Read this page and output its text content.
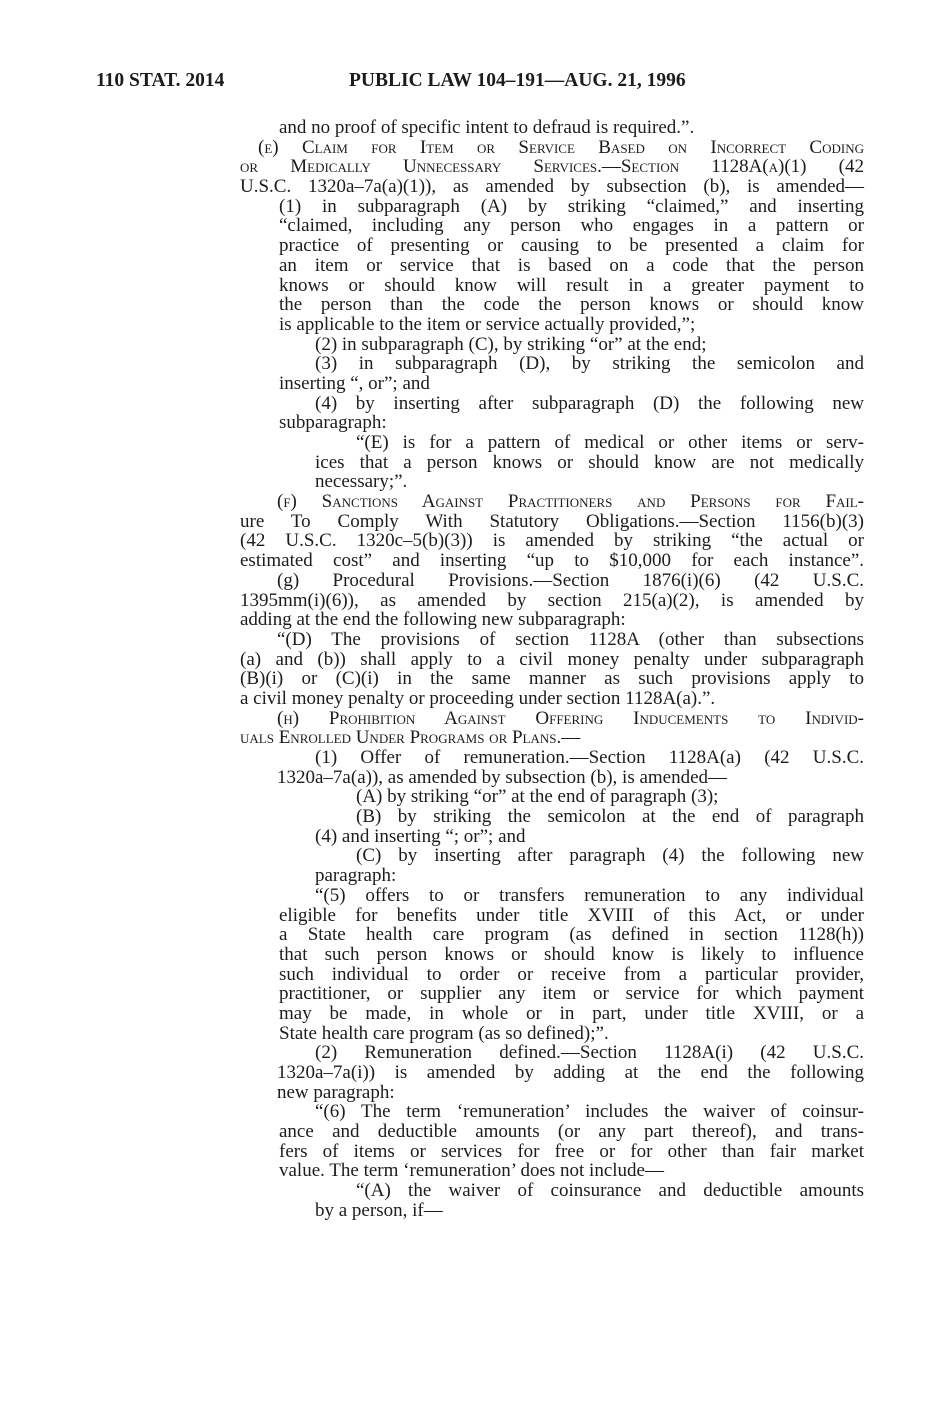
110 STAT. 2014	PUBLIC LAW 104–191—AUG. 21, 1996
and no proof of specific intent to defraud is required.”.
(e) Claim for Item or Service Based on Incorrect Coding
or Medically Unnecessary Services.—Section 1128A(a)(1) (42
U.S.C. 1320a–7a(a)(1)), as amended by subsection (b), is amended—
(1) in subparagraph (A) by striking “claimed,” and inserting
“claimed, including any person who engages in a pattern or
practice of presenting or causing to be presented a claim for
an item or service that is based on a code that the person
knows or should know will result in a greater payment to
the person than the code the person knows or should know
is applicable to the item or service actually provided,”;
(2) in subparagraph (C), by striking “or” at the end;
(3) in subparagraph (D), by striking the semicolon and
inserting “, or”; and
(4) by inserting after subparagraph (D) the following new
subparagraph:
“(E) is for a pattern of medical or other items or serv-
ices that a person knows or should know are not medically
necessary;”.
(f) Sanctions Against Practitioners and Persons for Fail-
ure To Comply With Statutory Obligations.—Section 1156(b)(3)
(42 U.S.C. 1320c–5(b)(3)) is amended by striking “the actual or
estimated cost” and inserting “up to $10,000 for each instance”.
(g) Procedural Provisions.—Section 1876(i)(6) (42 U.S.C.
1395mm(i)(6)), as amended by section 215(a)(2), is amended by
adding at the end the following new subparagraph:
“(D) The provisions of section 1128A (other than subsections
(a) and (b)) shall apply to a civil money penalty under subparagraph
(B)(i) or (C)(i) in the same manner as such provisions apply to
a civil money penalty or proceeding under section 1128A(a).”.
(h) Prohibition Against Offering Inducements to Individ-
uals Enrolled Under Programs or Plans.—
(1) Offer of remuneration.—Section 1128A(a) (42 U.S.C.
1320a–7a(a)), as amended by subsection (b), is amended—
(A) by striking “or” at the end of paragraph (3);
(B) by striking the semicolon at the end of paragraph
(4) and inserting “; or”; and
(C) by inserting after paragraph (4) the following new
paragraph:
“(5) offers to or transfers remuneration to any individual
eligible for benefits under title XVIII of this Act, or under
a State health care program (as defined in section 1128(h))
that such person knows or should know is likely to influence
such individual to order or receive from a particular provider,
practitioner, or supplier any item or service for which payment
may be made, in whole or in part, under title XVIII, or a
State health care program (as so defined);”.
(2) Remuneration defined.—Section 1128A(i) (42 U.S.C.
1320a–7a(i)) is amended by adding at the end the following
new paragraph:
“(6) The term ‘remuneration’ includes the waiver of coinsur-
ance and deductible amounts (or any part thereof), and trans-
fers of items or services for free or for other than fair market
value. The term ‘remuneration’ does not include—
“(A) the waiver of coinsurance and deductible amounts
by a person, if—
